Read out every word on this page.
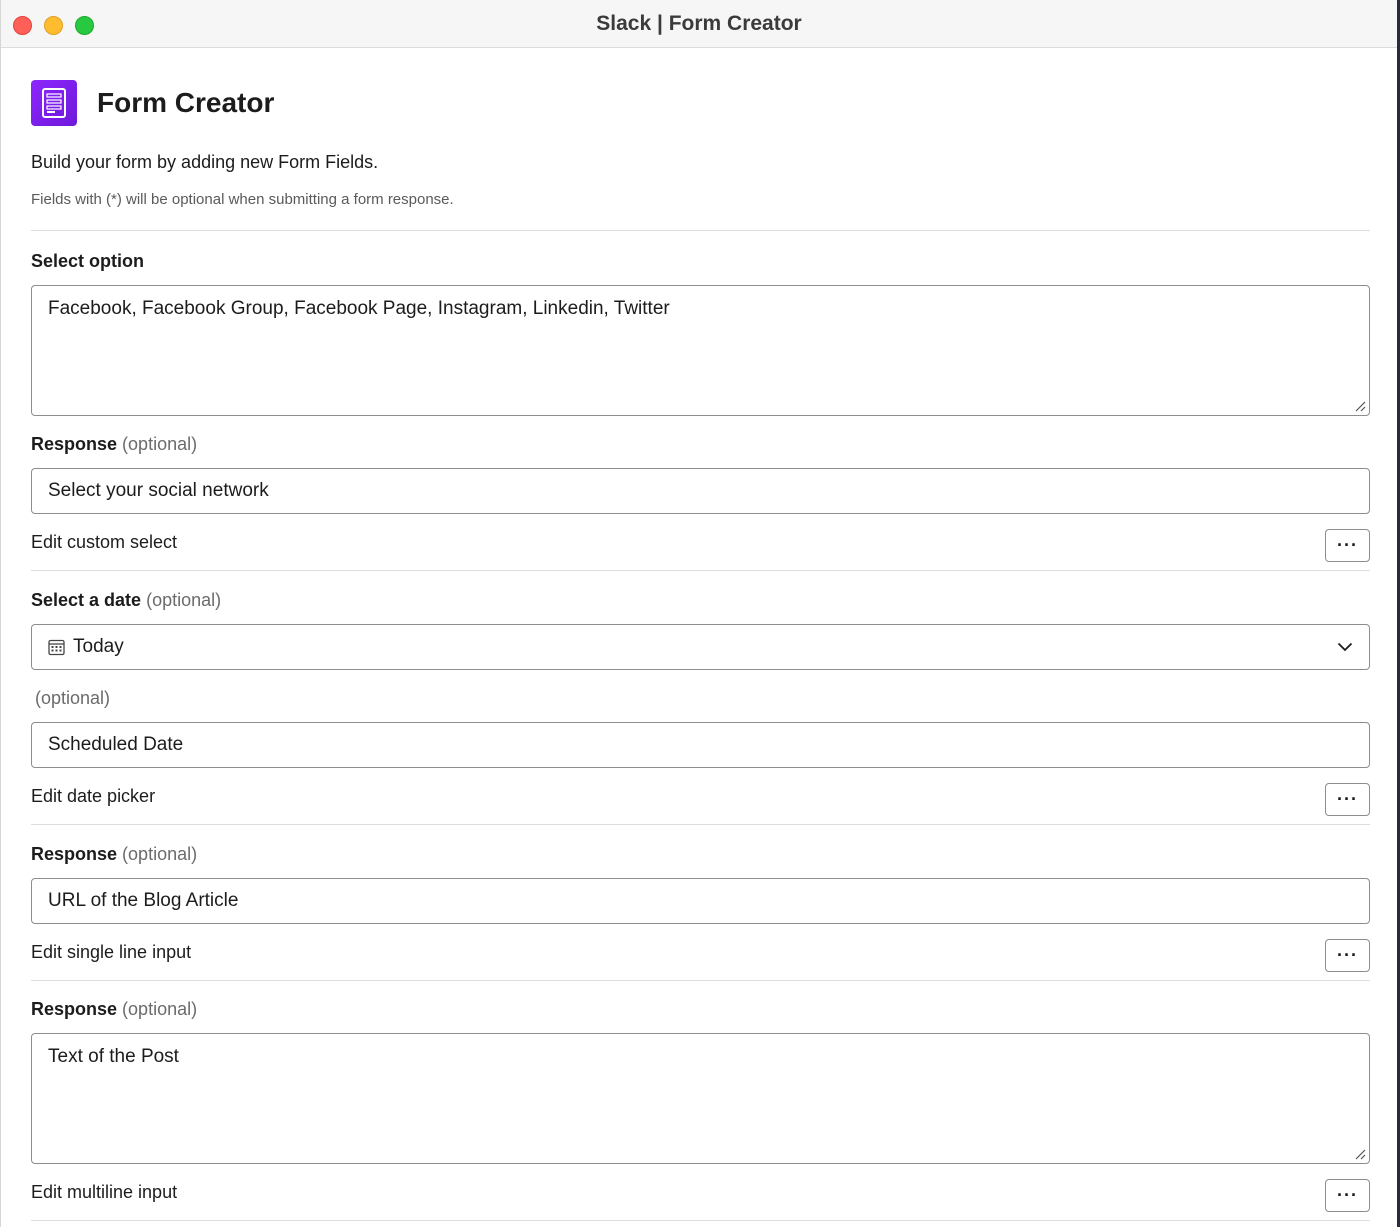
Slack | Form Creator
Form Creator
Build your form by adding new Form Fields.
Fields with (*) will be optional when submitting a form response.
Select option
Facebook, Facebook Group, Facebook Page, Instagram, Linkedin, Twitter
Response (optional)
Select your social network
Edit custom select	···
Select a date (optional)
Today
(optional)
Scheduled Date
Edit date picker	···
Response (optional)
URL of the Blog Article
Edit single line input	···
Response (optional)
Text of the Post
Edit multiline input	···
